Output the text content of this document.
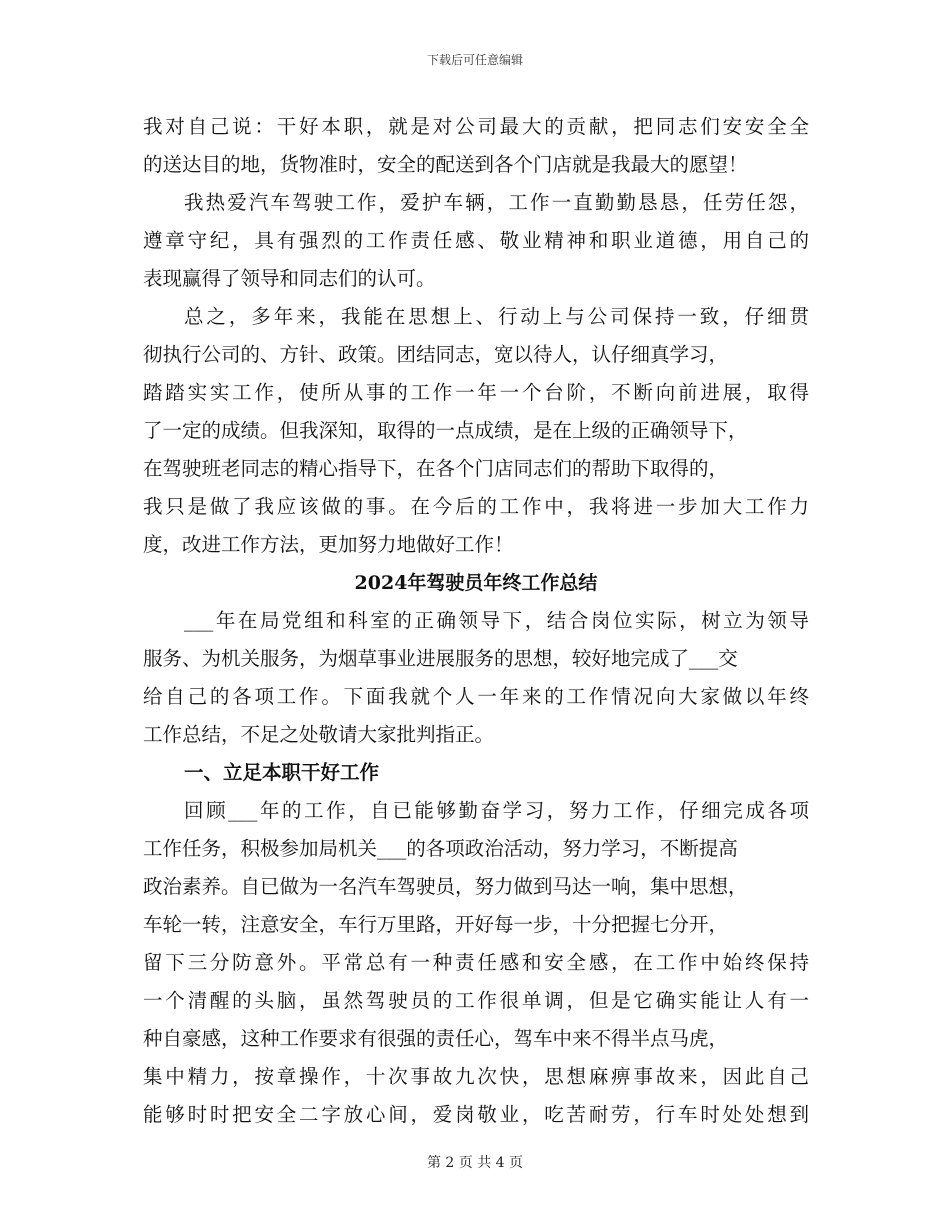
下载后可任意编辑
我对自己说：干好本职，就是对公司最大的贡献，把同志们安安全全
的送达目的地，货物准时，安全的配送到各个门店就是我最大的愿望！
我热爱汽车驾驶工作，爱护车辆，工作一直勤勤恳恳，任劳任怨，
遵章守纪，具有强烈的工作责任感、敬业精神和职业道德，用自己的
表现赢得了领导和同志们的认可。
总之，多年来，我能在思想上、行动上与公司保持一致，仔细贯
彻执行公司的、方针、政策。团结同志，宽以待人，认仔细真学习，
踏踏实实工作，使所从事的工作一年一个台阶，不断向前进展，取得
了一定的成绩。但我深知，取得的一点成绩，是在上级的正确领导下，
在驾驶班老同志的精心指导下，在各个门店同志们的帮助下取得的，
我只是做了我应该做的事。在今后的工作中，我将进一步加大工作力
度，改进工作方法，更加努力地做好工作！
2024年驾驶员年终工作总结
___年在局党组和科室的正确领导下，结合岗位实际，树立为领导
服务、为机关服务，为烟草事业进展服务的思想，较好地完成了___交
给自己的各项工作。下面我就个人一年来的工作情况向大家做以年终
工作总结，不足之处敬请大家批判指正。
一、立足本职干好工作
回顾___年的工作，自已能够勤奋学习，努力工作，仔细完成各项
工作任务，积极参加局机关___的各项政治活动，努力学习，不断提高
政治素养。自已做为一名汽车驾驶员，努力做到马达一响，集中思想，
车轮一转，注意安全，车行万里路，开好每一步，十分把握七分开，
留下三分防意外。平常总有一种责任感和安全感，在工作中始终保持
一个清醒的头脑，虽然驾驶员的工作很单调，但是它确实能让人有一
种自豪感，这种工作要求有很强的责任心，驾车中来不得半点马虎，
集中精力，按章操作，十次事故九次快，思想麻痹事故来，因此自己
能够时时把安全二字放心间，爱岗敬业，吃苦耐劳，行车时处处想到
第 2 页 共 4 页
